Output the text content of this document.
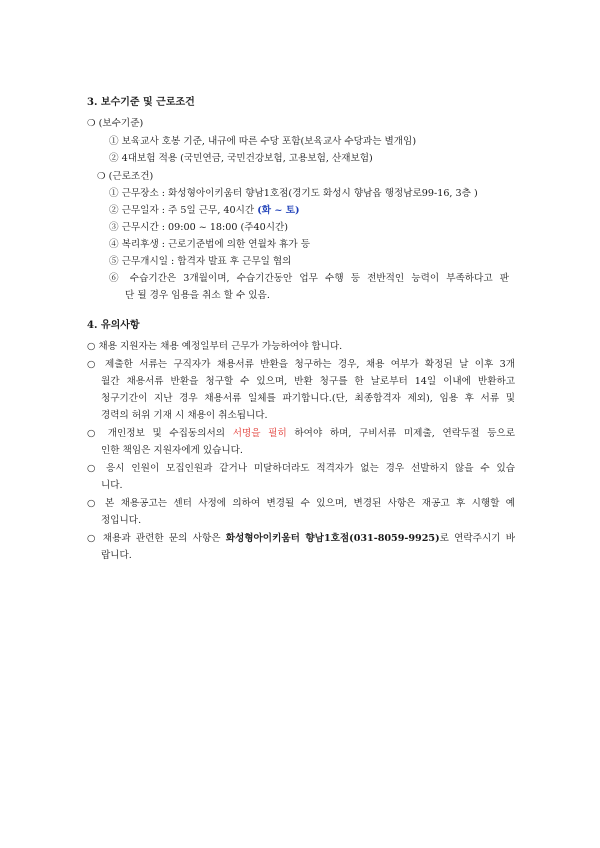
3. 보수기준 및 근로조건
❍ (보수기준)
① 보육교사 호봉 기준, 내규에 따른 수당 포함(보육교사 수당과는 별개임)
② 4대보험 적용 (국민연금, 국민건강보험, 고용보험, 산재보험)
❍ (근로조건)
① 근무장소 : 화성형아이키움터 향남1호점(경기도 화성시 향남읍 행정남로99-16, 3층 )
② 근무일자 : 주 5일 근무, 40시간 (화 ~ 토)
③ 근무시간 : 09:00 ~ 18:00 (주40시간)
④ 복리후생 : 근로기준법에 의한 연월차 휴가 등
⑤ 근무개시일 : 합격자 발표 후 근무일 협의
⑥ 수습기간은 3개월이며, 수습기간동안 업무 수행 등 전반적인 능력이 부족하다고 판
단 될 경우 임용을 취소 할 수 있음.
4. 유의사항
○ 채용 지원자는 채용 예정일부터 근무가 가능하여야 합니다.
○ 제출한 서류는 구직자가 채용서류 반환을 청구하는 경우, 채용 여부가 확정된 날 이후 3개
월간 채용서류 반환을 청구할 수 있으며, 반환 청구를 한 날로부터 14일 이내에 반환하고
청구기간이 지난 경우 채용서류 일체를 파기합니다.(단, 최종합격자 제외), 임용 후 서류 및
경력의 허위 기재 시 채용이 취소됩니다.
○ 개인정보 및 수집동의서의 서명을 필히 하여야 하며, 구비서류 미제출, 연락두절 등으로
인한 책임은 지원자에게 있습니다.
○ 응시 인원이 모집인원과 같거나 미달하더라도 적격자가 없는 경우 선발하지 않을 수 있습
니다.
○ 본 채용공고는 센터 사정에 의하여 변경될 수 있으며, 변경된 사항은 재공고 후 시행할 예
정입니다.
○ 채용과 관련한 문의 사항은 화성형아이키움터 향남1호점(031-8059-9925)로 연락주시기 바
랍니다.
